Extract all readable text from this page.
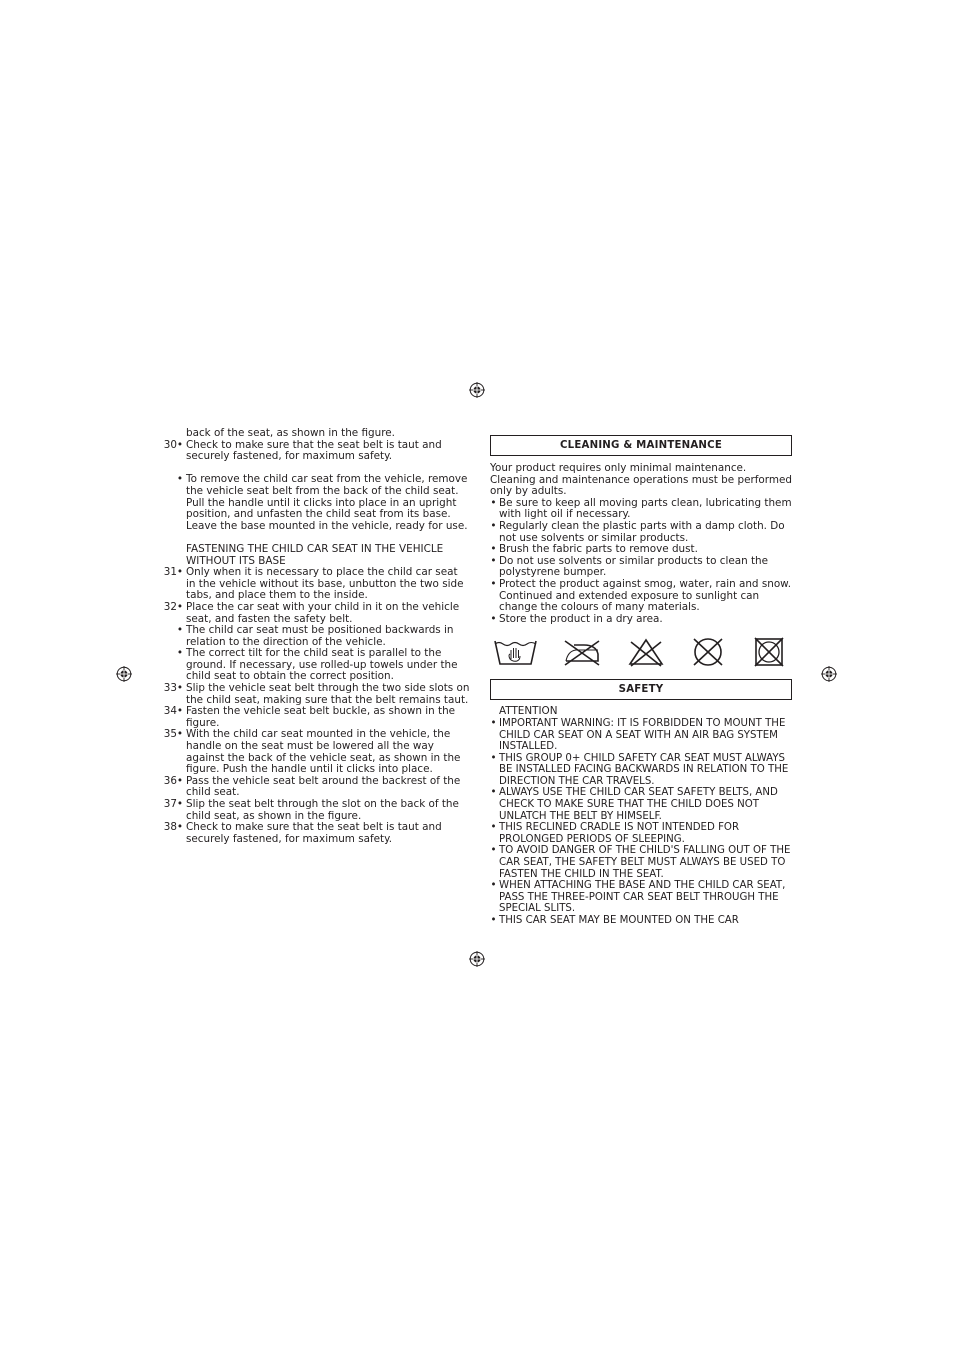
back of the seat, as shown in the figure.
30 • Check to make sure that the seat belt is taut and securely fastened, for maximum safety.
• To remove the child car seat from the vehicle, remove the vehicle seat belt from the back of the child seat. Pull the handle until it clicks into place in an upright position, and unfasten the child seat from its base. Leave the base mounted in the vehicle, ready for use.
FASTENING THE CHILD CAR SEAT IN THE VEHICLE WITHOUT ITS BASE
31 • Only when it is necessary to place the child car seat in the vehicle without its base, unbutton the two side tabs, and place them to the inside.
32 • Place the car seat with your child in it on the vehicle seat, and fasten the safety belt.
• The child car seat must be positioned backwards in relation to the direction of the vehicle.
• The correct tilt for the child seat is parallel to the ground. If necessary, use rolled-up towels under the child seat to obtain the correct position.
33 • Slip the vehicle seat belt through the two side slots on the child seat, making sure that the belt remains taut.
34 • Fasten the vehicle seat belt buckle, as shown in the figure.
35 • With the child car seat mounted in the vehicle, the handle on the seat must be lowered all the way against the back of the vehicle seat, as shown in the figure. Push the handle until it clicks into place.
36 • Pass the vehicle seat belt around the backrest of the child seat.
37 • Slip the seat belt through the slot on the back of the child seat, as shown in the figure.
38 • Check to make sure that the seat belt is taut and securely fastened, for maximum safety.
CLEANING & MAINTENANCE
Your product requires only minimal maintenance. Cleaning and maintenance operations must be performed only by adults.
• Be sure to keep all moving parts clean, lubricating them with light oil if necessary.
• Regularly clean the plastic parts with a damp cloth. Do not use solvents or similar products.
• Brush the fabric parts to remove dust.
• Do not use solvents or similar products to clean the polystyrene bumper.
• Protect the product against smog, water, rain and snow. Continued and extended exposure to sunlight can change the colours of many materials.
• Store the product in a dry area.
SAFETY
ATTENTION
• IMPORTANT WARNING: IT IS FORBIDDEN TO MOUNT THE CHILD CAR SEAT ON A SEAT WITH AN AIR BAG SYSTEM INSTALLED.
• THIS GROUP 0+ CHILD SAFETY CAR SEAT MUST ALWAYS BE INSTALLED FACING BACKWARDS IN RELATION TO THE DIRECTION THE CAR TRAVELS.
• ALWAYS USE THE CHILD CAR SEAT SAFETY BELTS, AND CHECK TO MAKE SURE THAT THE CHILD DOES NOT UNLATCH THE BELT BY HIMSELF.
• THIS RECLINED CRADLE IS NOT INTENDED FOR PROLONGED PERIODS OF SLEEPING.
• TO AVOID DANGER OF THE CHILD'S FALLING OUT OF THE CAR SEAT, THE SAFETY BELT MUST ALWAYS BE USED TO FASTEN THE CHILD IN THE SEAT.
• WHEN ATTACHING THE BASE AND THE CHILD CAR SEAT, PASS THE THREE-POINT CAR SEAT BELT THROUGH THE SPECIAL SLITS.
• THIS CAR SEAT MAY BE MOUNTED ON THE CAR
